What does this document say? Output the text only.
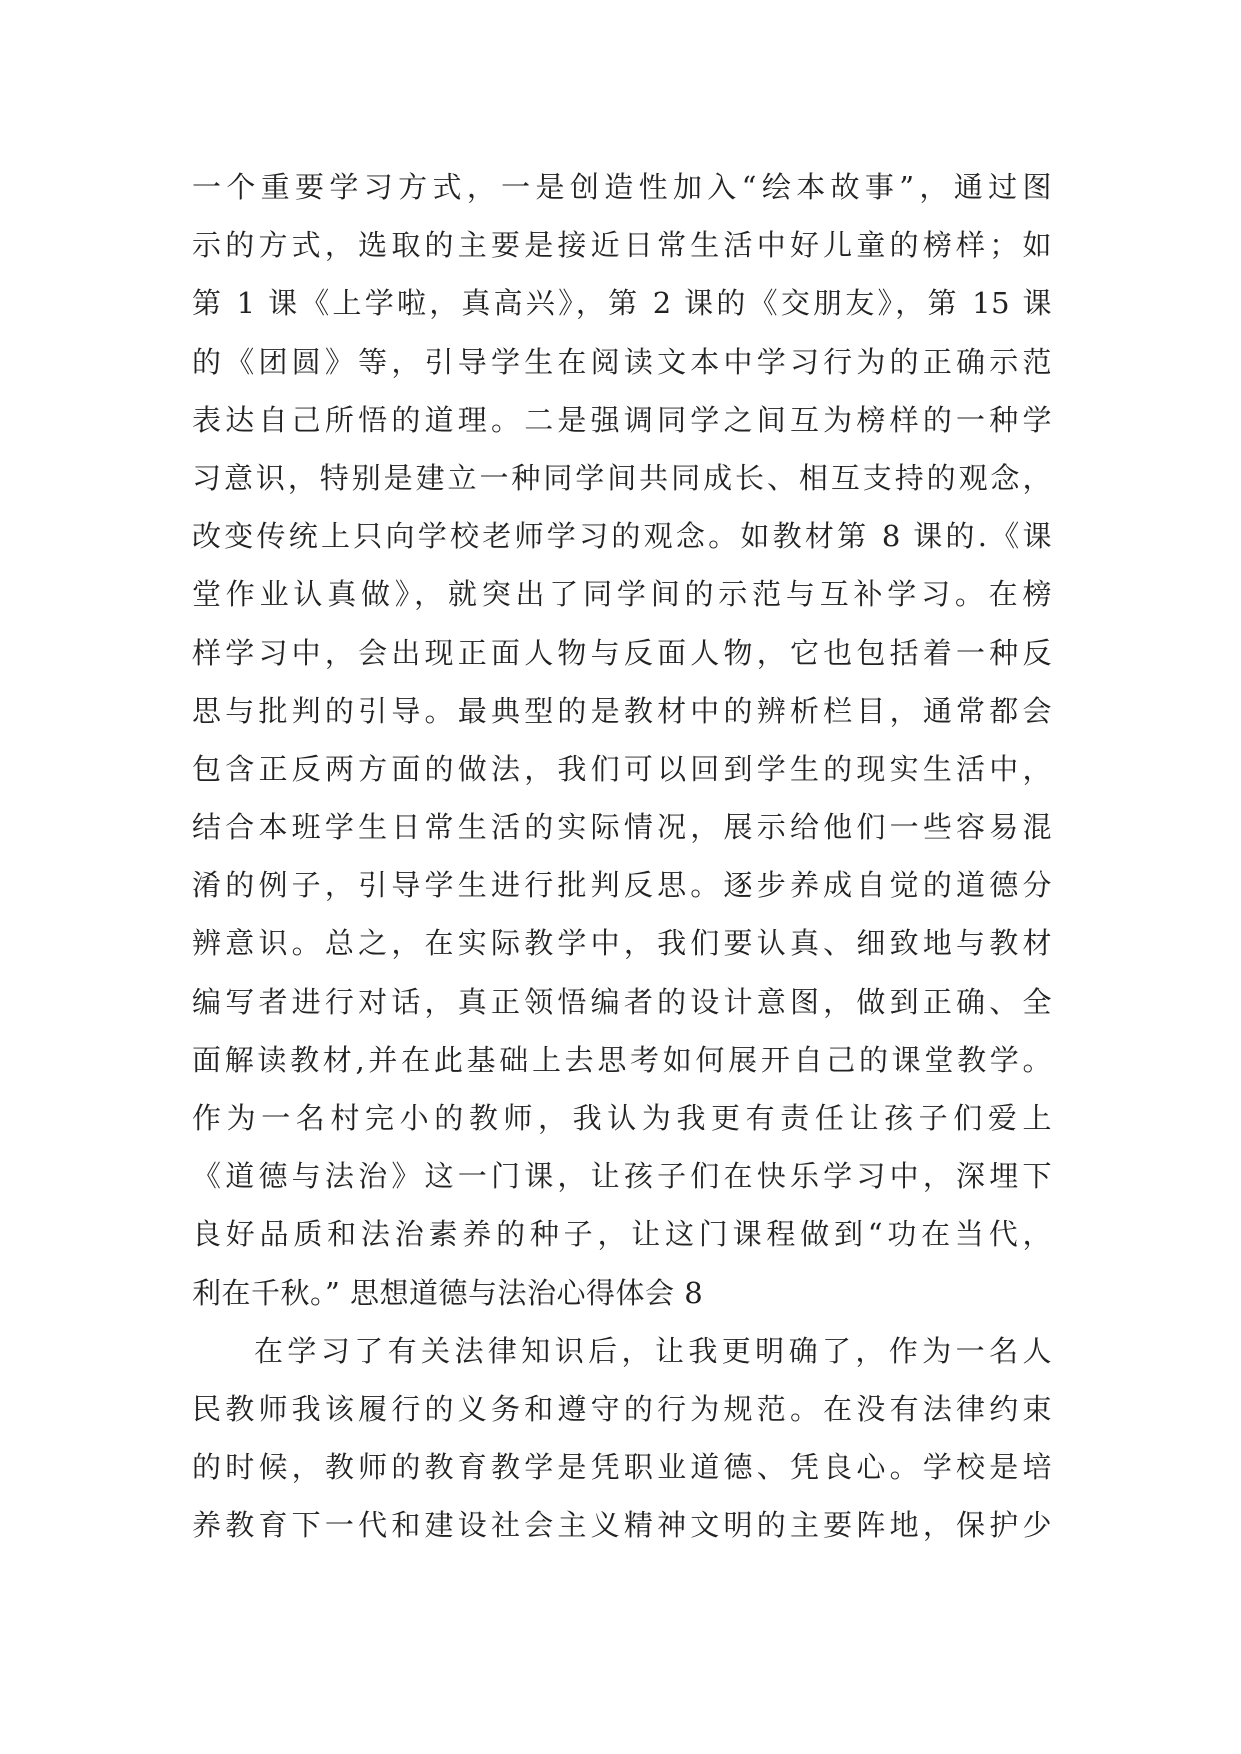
一个重要学习方式，一是创造性加入“绘本故事”，通过图
示的方式，选取的主要是接近日常生活中好儿童的榜样；如
第 1 课《上学啦，真高兴》，第 2 课的《交朋友》，第 15 课
的《团圆》等，引导学生在阅读文本中学习行为的正确示范
表达自己所悟的道理。二是强调同学之间互为榜样的一种学
习意识，特别是建立一种同学间共同成长、相互支持的观念，
改变传统上只向学校老师学习的观念。如教材第 8 课的.《课
堂作业认真做》，就突出了同学间的示范与互补学习。在榜
样学习中，会出现正面人物与反面人物，它也包括着一种反
思与批判的引导。最典型的是教材中的辨析栏目，通常都会
包含正反两方面的做法，我们可以回到学生的现实生活中，
结合本班学生日常生活的实际情况，展示给他们一些容易混
淆的例子，引导学生进行批判反思。逐步养成自觉的道德分
辨意识。总之，在实际教学中，我们要认真、细致地与教材
编写者进行对话，真正领悟编者的设计意图，做到正确、全
面解读教材,并在此基础上去思考如何展开自己的课堂教学。
作为一名村完小的教师，我认为我更有责任让孩子们爱上
《道德与法治》这一门课，让孩子们在快乐学习中，深埋下
良好品质和法治素养的种子，让这门课程做到“功在当代，
利在千秋。” 思想道德与法治心得体会 8
在学习了有关法律知识后，让我更明确了，作为一名人
民教师我该履行的义务和遵守的行为规范。在没有法律约束
的时候，教师的教育教学是凭职业道德、凭良心。学校是培
养教育下一代和建设社会主义精神文明的主要阵地，保护少
